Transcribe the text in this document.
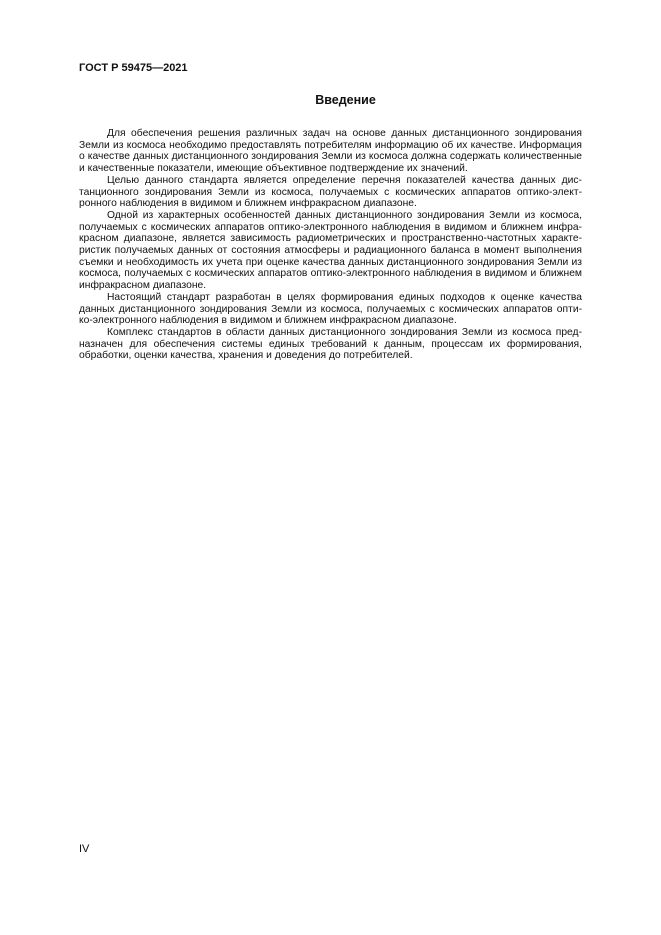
ГОСТ Р 59475—2021
Введение
Для обеспечения решения различных задач на основе данных дистанционного зондирования
Земли из космоса необходимо предоставлять потребителям информацию об их качестве. Информация
о качестве данных дистанционного зондирования Земли из космоса должна содержать количественные
и качественные показатели, имеющие объективное подтверждение их значений.
Целью данного стандарта является определение перечня показателей качества данных дис-
танционного зондирования Земли из космоса, получаемых с космических аппаратов оптико-элект-
ронного наблюдения в видимом и ближнем инфракрасном диапазоне.
Одной из характерных особенностей данных дистанционного зондирования Земли из космоса,
получаемых с космических аппаратов оптико-электронного наблюдения в видимом и ближнем инфра-
красном диапазоне, является зависимость радиометрических и пространственно-частотных характе-
ристик получаемых данных от состояния атмосферы и радиационного баланса в момент выполнения
съемки и необходимость их учета при оценке качества данных дистанционного зондирования Земли из
космоса, получаемых с космических аппаратов оптико-электронного наблюдения в видимом и ближнем
инфракрасном диапазоне.
Настоящий стандарт разработан в целях формирования единых подходов к оценке качества
данных дистанционного зондирования Земли из космоса, получаемых с космических аппаратов опти-
ко-электронного наблюдения в видимом и ближнем инфракрасном диапазоне.
Комплекс стандартов в области данных дистанционного зондирования Земли из космоса пред-
назначен для обеспечения системы единых требований к данным, процессам их формирования,
обработки, оценки качества, хранения и доведения до потребителей.
IV
